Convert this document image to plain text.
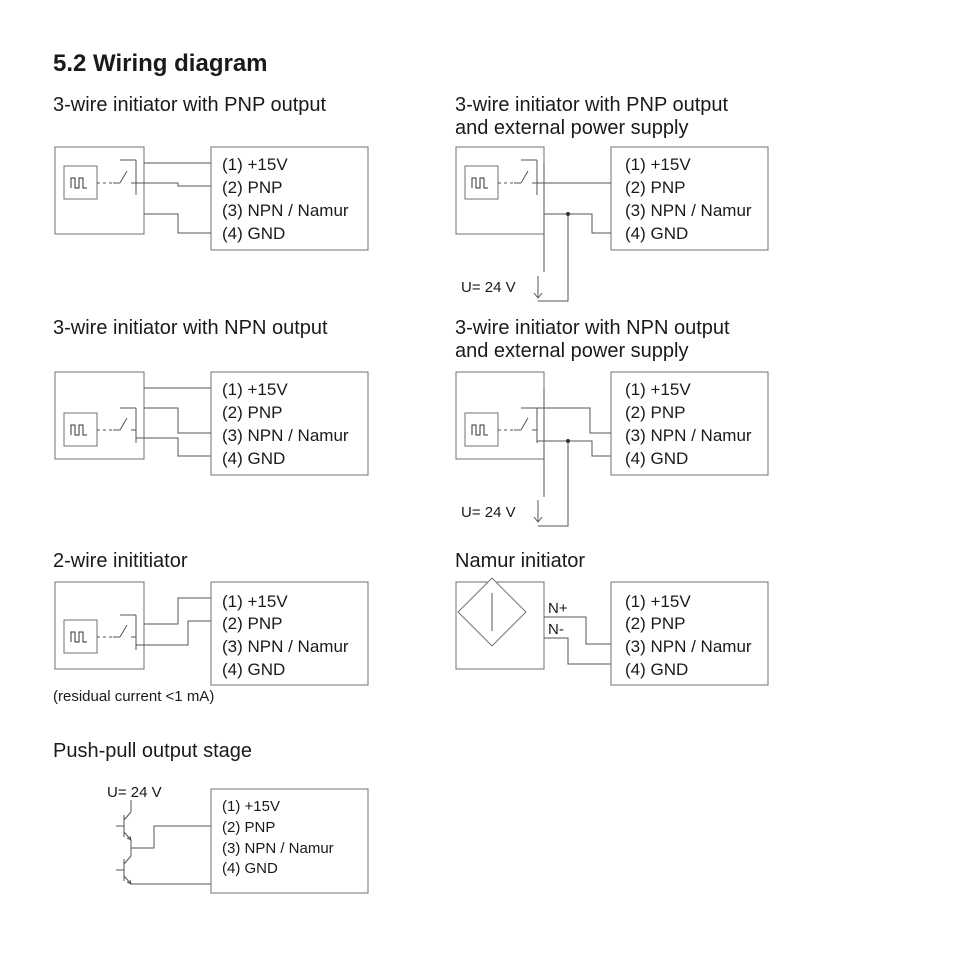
5.2 Wiring diagram
3-wire initiator with PNP output
(1) +15V
(2) PNP
(3) NPN / Namur
(4) GND
3-wire initiator with PNP output
and external power supply
U= 24 V
(1) +15V
(2) PNP
(3) NPN / Namur
(4) GND
3-wire initiator with NPN output
(1) +15V
(2) PNP
(3) NPN / Namur
(4) GND
3-wire initiator with NPN output
and external power supply
U= 24 V
(1) +15V
(2) PNP
(3) NPN / Namur
(4) GND
2-wire inititiator
(1) +15V
(2) PNP
(3) NPN / Namur
(4) GND
(residual current <1 mA)
Namur initiator
N+
N-
(1) +15V
(2) PNP
(3) NPN / Namur
(4) GND
Push-pull output stage
U= 24 V
(1) +15V
(2) PNP
(3) NPN / Namur
(4) GND
